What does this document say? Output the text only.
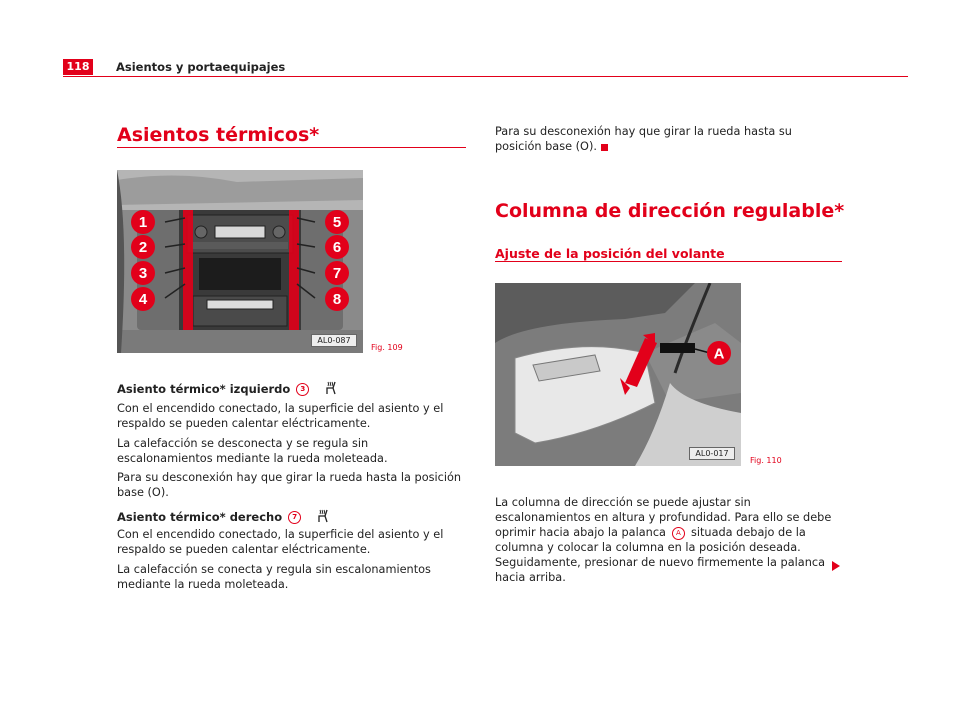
118	Asientos y portaequipajes
Asientos térmicos*
1
2
3
4
5
6
7
8
AL0-087
Fig. 109
Asiento térmico* izquierdo 3
Con el encendido conectado, la superficie del asiento y el respaldo se pueden calentar eléctricamente.
La calefacción se desconecta y se regula sin escalonamientos mediante la rueda moleteada.
Para su desconexión hay que girar la rueda hasta la posición base (O).
Asiento térmico* derecho 7
Con el encendido conectado, la superficie del asiento y el respaldo se pueden calentar eléctricamente.
La calefacción se conecta y regula sin escalonamientos mediante la rueda moleteada.
Para su desconexión hay que girar la rueda hasta su posición base (O).
Columna de dirección regulable*
Ajuste de la posición del volante
A
AL0-017
Fig. 110
La columna de dirección se puede ajustar sin escalonamientos en altura y profundidad. Para ello se debe oprimir hacia abajo la palanca A situada debajo de la columna y colocar la columna en la posición deseada. Seguidamente, presionar de nuevo firmemente la palanca hacia arriba.
